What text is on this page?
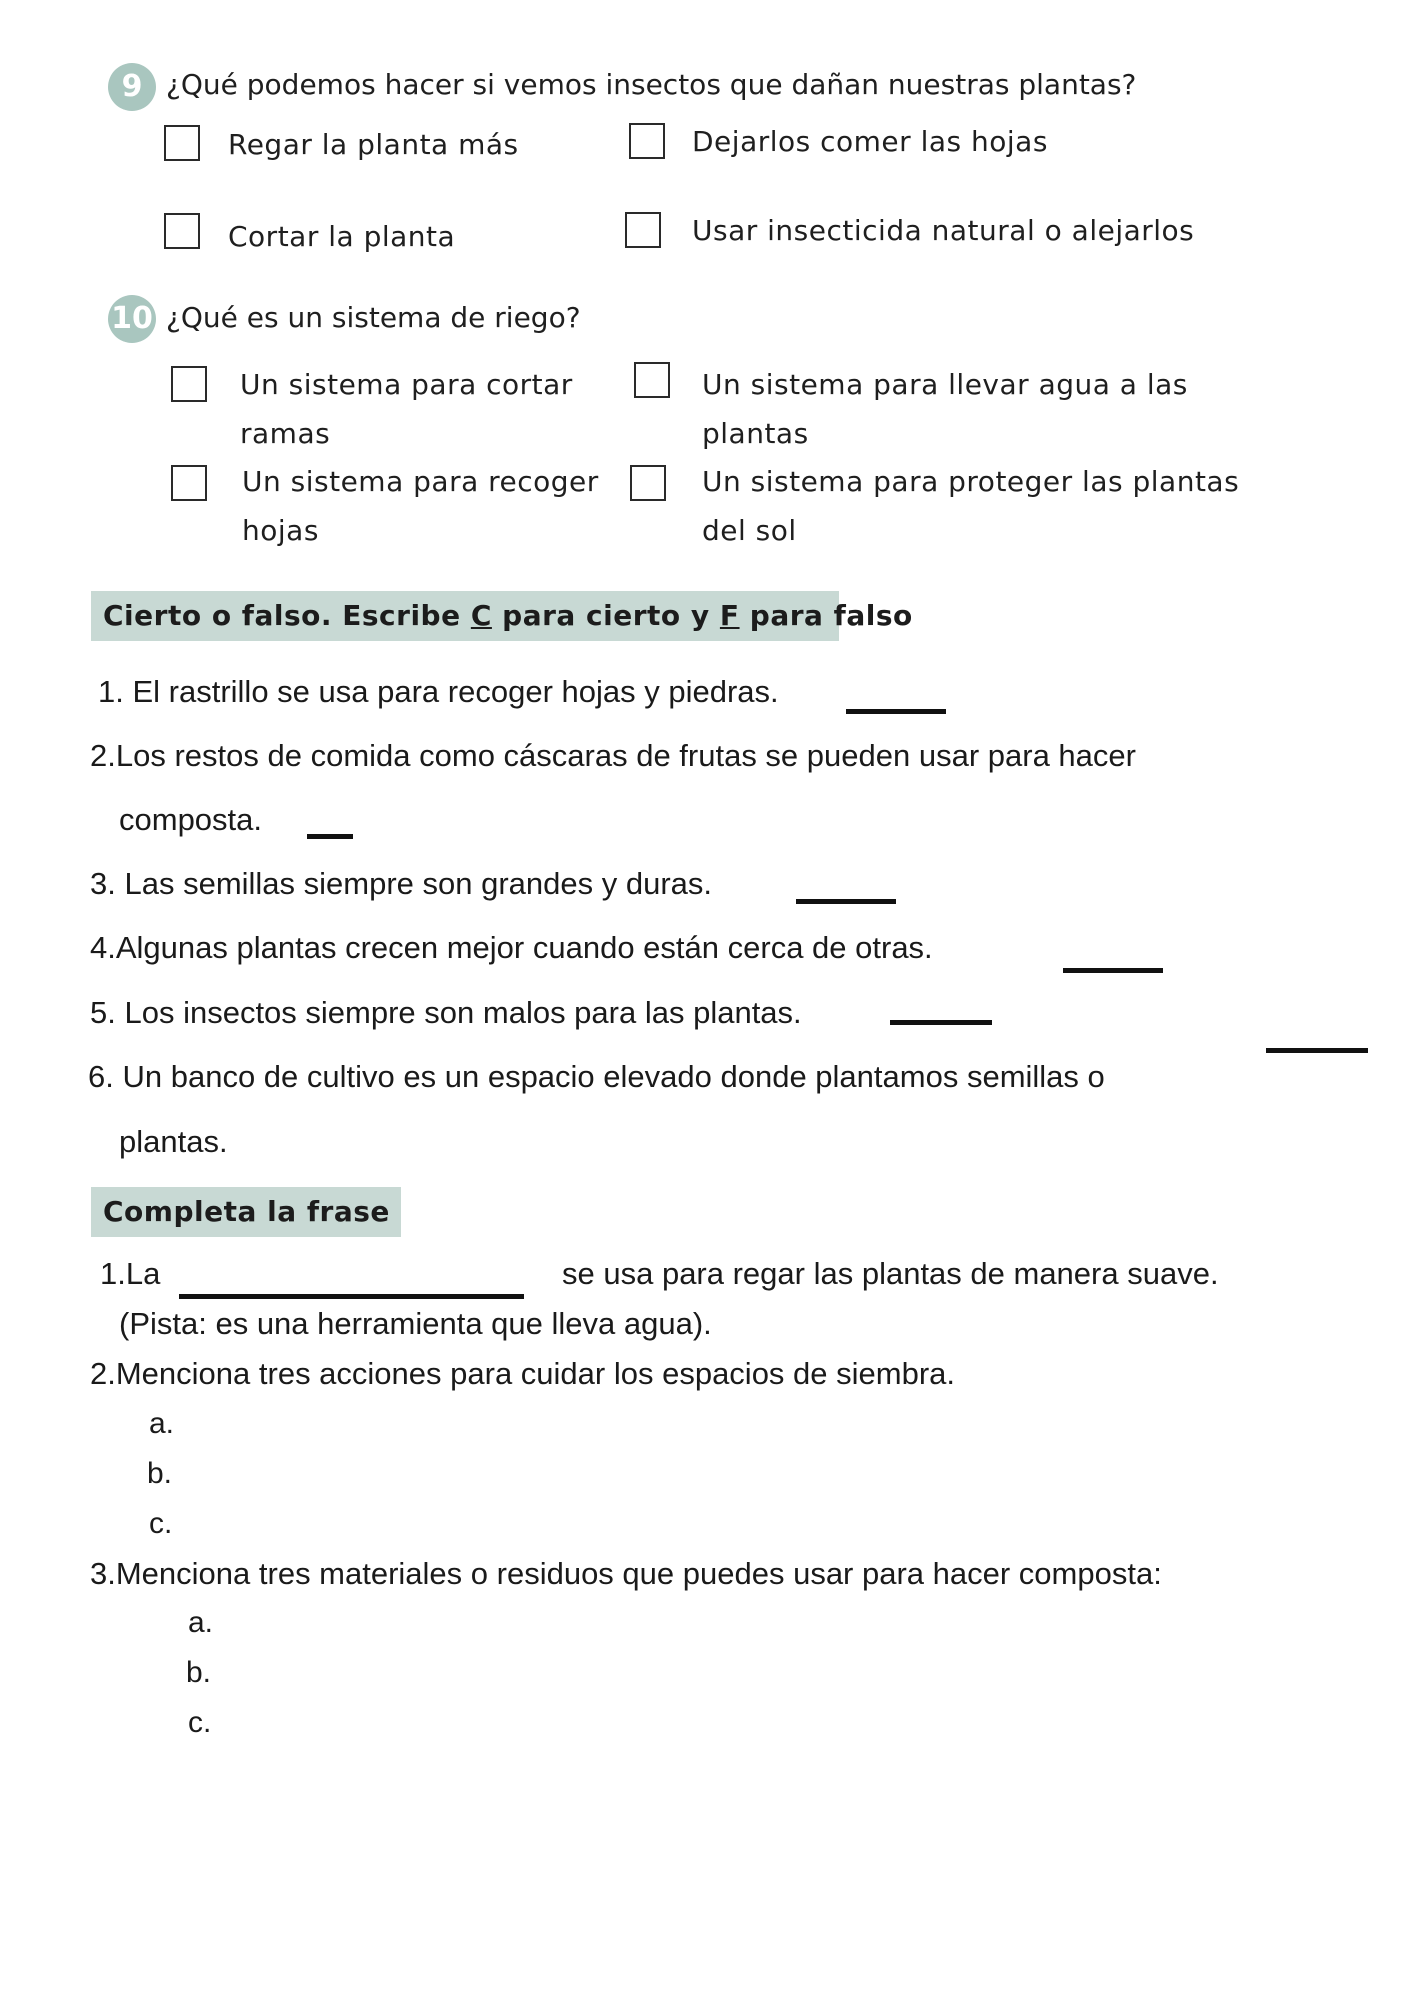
9 ¿Qué podemos hacer si vemos insectos que dañan nuestras plantas?
Regar la planta más	Dejarlos comer las hojas
Cortar la planta	Usar insecticida natural o alejarlos
10 ¿Qué es un sistema de riego?
Un sistema para cortar
ramas
Un sistema para llevar agua a las
plantas
Un sistema para recoger
hojas
Un sistema para proteger las plantas
del sol
Cierto o falso. Escribe C para cierto y F para falso
1. El rastrillo se usa para recoger hojas y piedras.
2.Los restos de comida como cáscaras de frutas se pueden usar para hacer
composta.
3. Las semillas siempre son grandes y duras.
4.Algunas plantas crecen mejor cuando están cerca de otras.
5. Los insectos siempre son malos para las plantas.
6. Un banco de cultivo es un espacio elevado donde plantamos semillas o
plantas.
Completa la frase
1.La	se usa para regar las plantas de manera suave.
(Pista: es una herramienta que lleva agua).
2.Menciona tres acciones para cuidar los espacios de siembra.
a.
b.
c.
3.Menciona tres materiales o residuos que puedes usar para hacer composta:
a.
b.
c.
